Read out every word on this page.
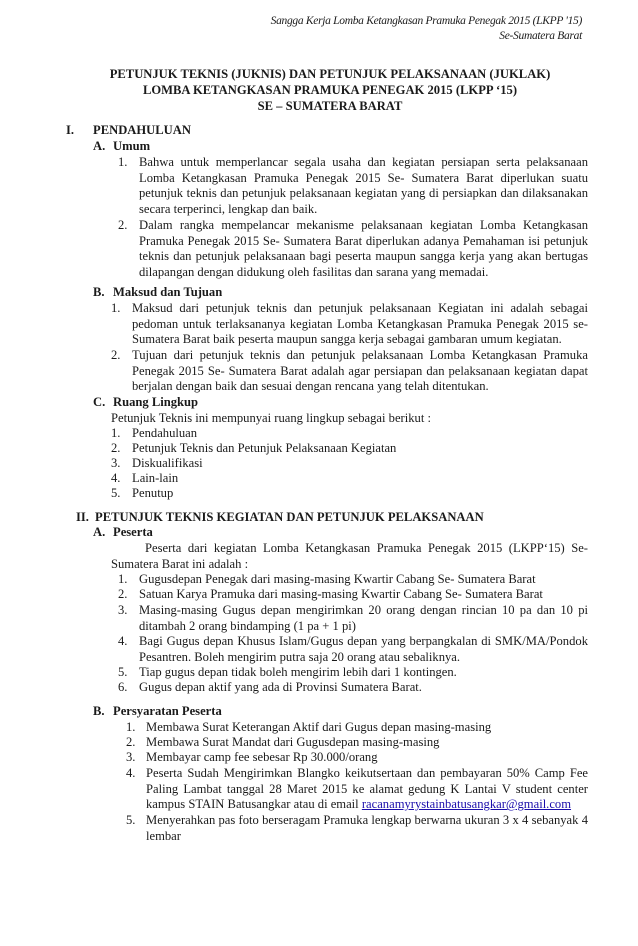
Sangga Kerja Lomba Ketangkasan Pramuka Penegak 2015 (LKPP '15)
Se-Sumatera Barat
PETUNJUK TEKNIS (JUKNIS) DAN PETUNJUK PELAKSANAAN (JUKLAK)
LOMBA KETANGKASAN PRAMUKA PENEGAK 2015 (LKPP ‘15)
SE – SUMATERA BARAT
I. PENDAHULUAN
A. Umum
1. Bahwa untuk memperlancar segala usaha dan kegiatan persiapan serta pelaksanaan Lomba Ketangkasan Pramuka Penegak 2015 Se- Sumatera Barat diperlukan suatu petunjuk teknis dan petunjuk pelaksanaan kegiatan yang di persiapkan dan dilaksanakan secara terperinci, lengkap dan baik.
2. Dalam rangka mempelancar mekanisme pelaksanaan kegiatan Lomba Ketangkasan Pramuka Penegak 2015 Se- Sumatera Barat diperlukan adanya Pemahaman isi petunjuk teknis dan petunjuk pelaksanaan bagi peserta maupun sangga kerja yang akan bertugas dilapangan dengan didukung oleh fasilitas dan sarana yang memadai.
B. Maksud dan Tujuan
1. Maksud dari petunjuk teknis dan petunjuk pelaksanaan Kegiatan ini adalah sebagai pedoman untuk terlaksananya kegiatan Lomba Ketangkasan Pramuka Penegak 2015 se-Sumatera Barat baik peserta maupun sangga kerja sebagai gambaran umum kegiatan.
2. Tujuan dari petunjuk teknis dan petunjuk pelaksanaan Lomba Ketangkasan Pramuka Penegak 2015 Se- Sumatera Barat adalah agar persiapan dan pelaksanaan kegiatan dapat berjalan dengan baik dan sesuai dengan rencana yang telah ditentukan.
C. Ruang Lingkup
Petunjuk Teknis ini mempunyai ruang lingkup sebagai berikut :
1. Pendahuluan
2. Petunjuk Teknis dan Petunjuk Pelaksanaan Kegiatan
3. Diskualifikasi
4. Lain-lain
5. Penutup
II. PETUNJUK TEKNIS KEGIATAN DAN PETUNJUK PELAKSANAAN
A. Peserta
Peserta dari kegiatan Lomba Ketangkasan Pramuka Penegak 2015 (LKPP‘15) Se-Sumatera Barat ini adalah :
1. Gugusdepan Penegak dari masing-masing Kwartir Cabang Se- Sumatera Barat
2. Satuan Karya Pramuka dari masing-masing Kwartir Cabang Se- Sumatera Barat
3. Masing-masing Gugus depan mengirimkan 20 orang dengan rincian 10 pa dan 10 pi ditambah 2 orang bindamping (1 pa + 1 pi)
4. Bagi Gugus depan Khusus Islam/Gugus depan yang berpangkalan di SMK/MA/Pondok Pesantren. Boleh mengirim putra saja 20 orang atau sebaliknya.
5. Tiap gugus depan tidak boleh mengirim lebih dari 1 kontingen.
6. Gugus depan aktif yang ada di Provinsi Sumatera Barat.
B. Persyaratan Peserta
1. Membawa Surat Keterangan Aktif dari Gugus depan masing-masing
2. Membawa Surat Mandat dari Gugusdepan masing-masing
3. Membayar camp fee sebesar Rp 30.000/orang
4. Peserta Sudah Mengirimkan Blangko keikutsertaan dan pembayaran 50% Camp Fee Paling Lambat tanggal 28 Maret 2015 ke alamat gedung K Lantai V student center kampus STAIN Batusangkar atau di email racanamyrystainbatusangkar@gmail.com
5. Menyerahkan pas foto berseragam Pramuka lengkap berwarna ukuran 3 x 4 sebanyak 4 lembar
